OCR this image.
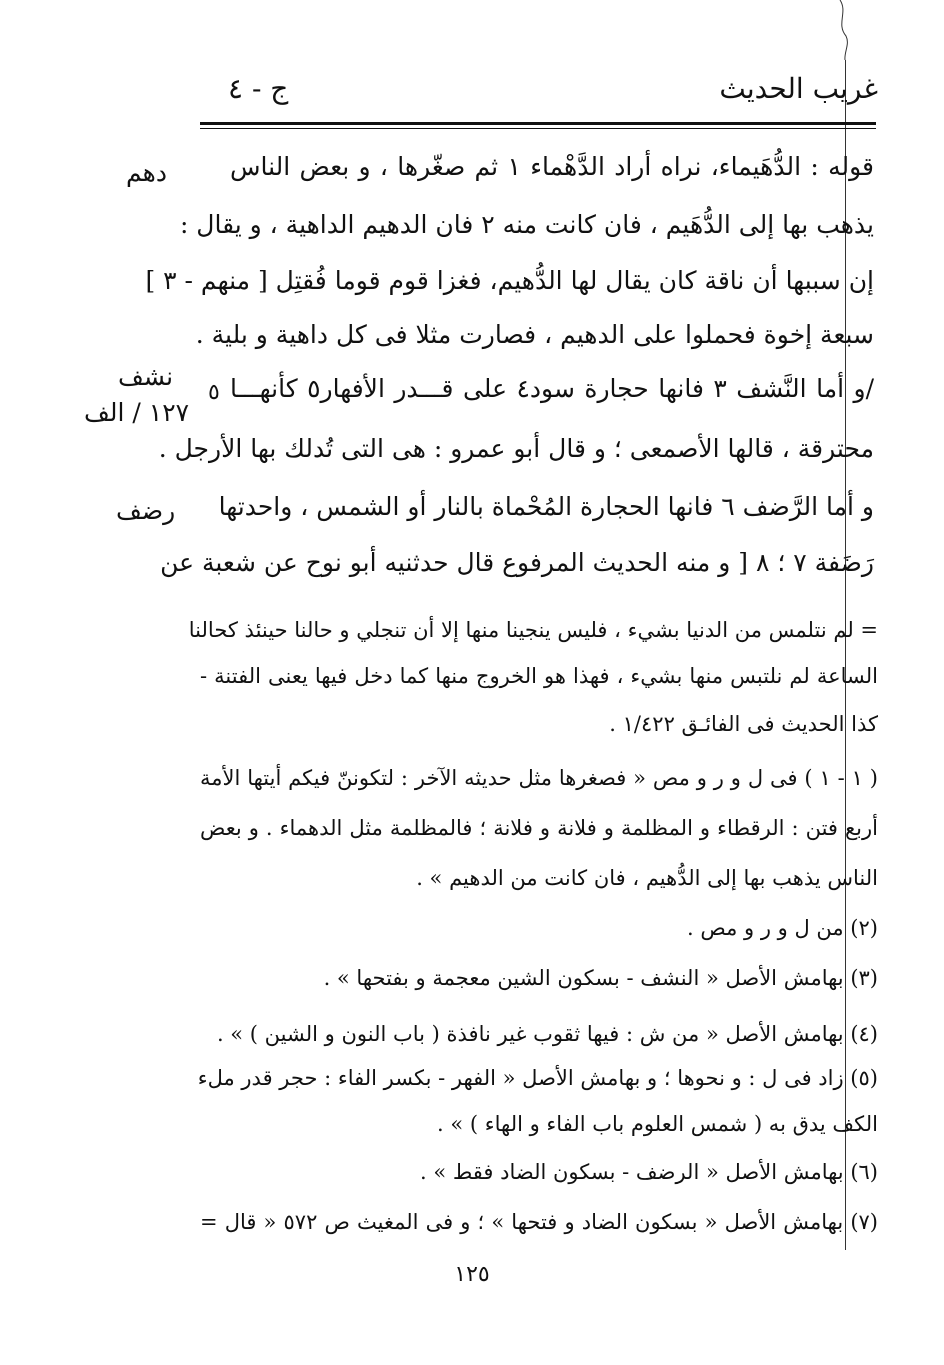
غريب الحديث
ج - ٤
دهم
نشف
١٢٧ / الف
٥
رضف
قوله : الدُّهَيماء، نراه أراد الدَّهْماء ١ ثم صغّرها ، و بعض الناس
يذهب بها إلى الدُّهَيم ، فان كانت منه ٢ فان الدهيم الداهية ، و يقال :
إن سببها أن ناقة كان يقال لها الدُّهيم، فغزا قوم قوما فُقتِل [ منهم - ٣ ]
سبعة إخوة فحملوا على الدهيم ، فصارت مثلا فى كل داهية و بلية .
/و أما النَّشف ٣ فانها حجارة سود٤ على قـــدر الأفهار٥ كأنهـــا
محترقة ، قالها الأصمعى ؛ و قال أبو عمرو : هى التى تُدلك بها الأرجل .
و أما الرَّضف ٦ فانها الحجارة المُحْماة بالنار أو الشمس ، واحدتها
رَضَفة ٧ ؛ ٨ [ و منه الحديث المرفوع قال حدثنيه أبو نوح عن شعبة عن
= لم نتلمس من الدنيا بشيء ، فليس ينجينا منها إلا أن تنجلي و حالنا حينئذ كحالنا
الساعة لم نلتبس منها بشيء ، فهذا هو الخروج منها كما دخل فيها يعنى الفتنة -
كذا الحديث فى الفائـق ١/٤٢٢ .
( ١ - ١ ) فى ل و ر و مص « فصغرها مثل حديثه الآخر : لتكوننّ فيكم أيتها الأمة
أربع فتن : الرقطاء و المظلمة و فلانة و فلانة ؛ فالمظلمة مثل الدهماء . و بعض
الناس يذهب بها إلى الدُّهيم ، فان كانت من الدهيم » .
(٢) من ل و ر و مص .
(٣) بهامش الأصل « النشف - بسكون الشين معجمة و بفتحها » .
(٤) بهامش الأصل « من ش : فيها ثقوب غير نافذة ( باب النون و الشين ) » .
(٥) زاد فى ل : و نحوها ؛ و بهامش الأصل « الفهر - بكسر الفاء : حجر قدر ملء
الكف يدق به ( شمس العلوم باب الفاء و الهاء ) » .
(٦) بهامش الأصل « الرضف - بسكون الضاد فقط » .
(٧) بهامش الأصل « بسكون الضاد و فتحها » ؛ و فى المغيث ص ٥٧٢ « قال =
١٢٥
